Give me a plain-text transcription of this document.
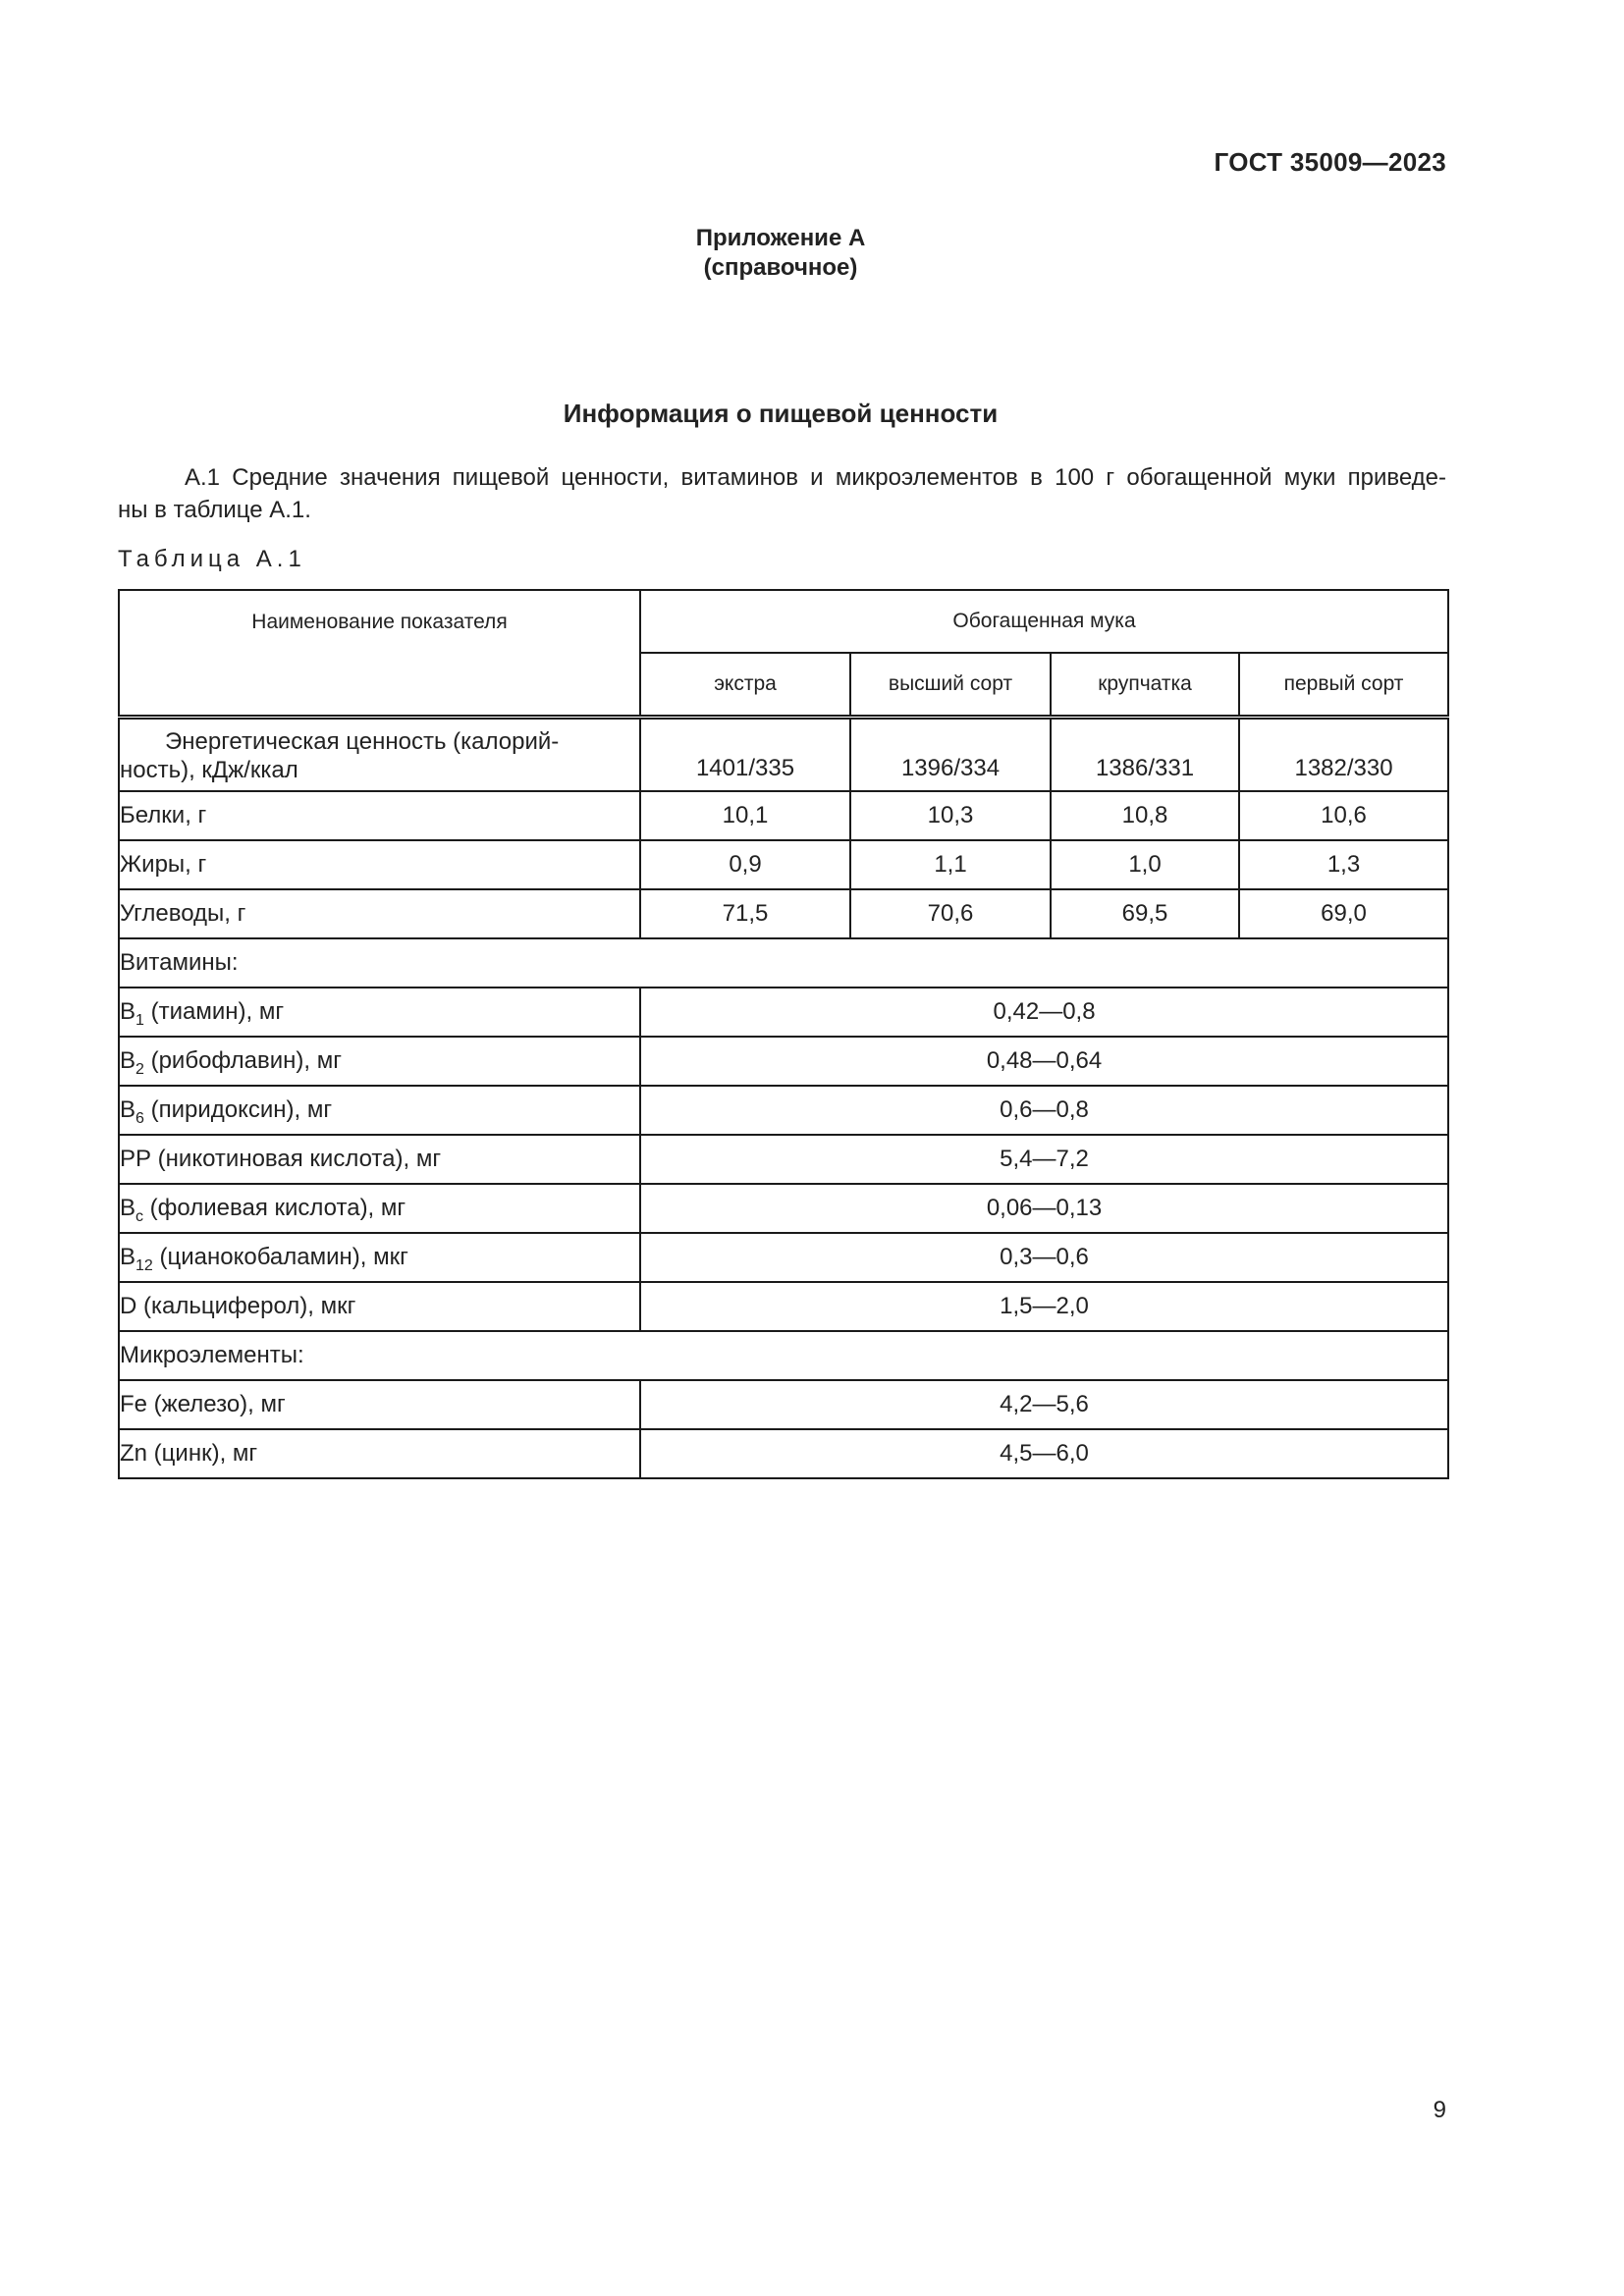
ГОСТ 35009—2023
Приложение А
(справочное)
Информация о пищевой ценности
А.1 Средние значения пищевой ценности, витаминов и микроэлементов в 100 г обогащенной муки приведе-
ны в таблице А.1.
Таблица А.1
Наименование показателя	Обогащенная мука			
	экстра	высший сорт	крупчатка	первый сорт
Энергетическая ценность (калорий-
ность), кДж/ккал	1401/335	1396/334	1386/331	1382/330
Белки, г	10,1	10,3	10,8	10,6
Жиры, г	0,9	1,1	1,0	1,3
Углеводы, г	71,5	70,6	69,5	69,0
Витамины:				
$B_1$ (тиамин), мг	0,42—0,8			
$B_2$ (рибофлавин), мг	0,48—0,64			
$B_6$ (пиридоксин), мг	0,6—0,8			
PP (никотиновая кислота), мг	5,4—7,2			
$B_c$ (фолиевая кислота), мг	0,06—0,13			
$B_{12}$ (цианокобаламин), мкг	0,3—0,6			
D (кальциферол), мкг	1,5—2,0			
Микроэлементы:				
Fe (железо), мг	4,2—5,6			
Zn (цинк), мг	4,5—6,0			
9
